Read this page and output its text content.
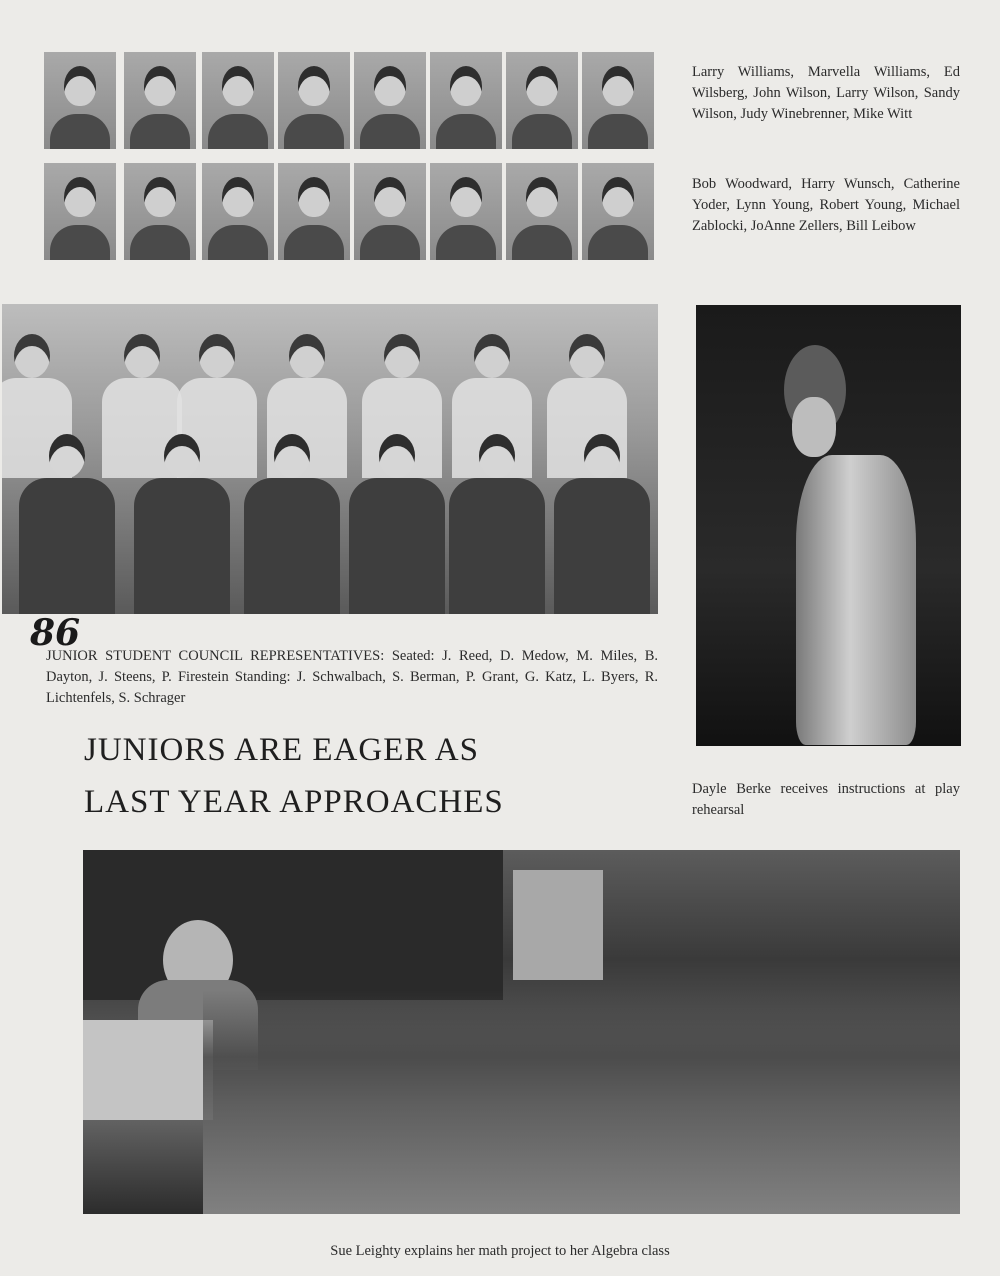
Larry Williams, Marvella Williams, Ed Wilsberg, John Wilson, Larry Wilson, Sandy Wilson, Judy Winebrenner, Mike Witt

Bob Woodward, Harry Wunsch, Catherine Yoder, Lynn Young, Robert Young, Michael Zablocki, JoAnne Zellers, Bill Leibow

86

JUNIOR STUDENT COUNCIL REPRESENTATIVES: Seated: J. Reed, D. Medow, M. Miles, B. Dayton, J. Steens, P. Firestein Standing: J. Schwalbach, S. Berman, P. Grant, G. Katz, L. Byers, R. Lichtenfels, S. Schrager

Dayle Berke receives instructions at play rehearsal

JUNIORS ARE EAGER AS
LAST YEAR APPROACHES
Sue Leighty explains her math project to her Algebra class
